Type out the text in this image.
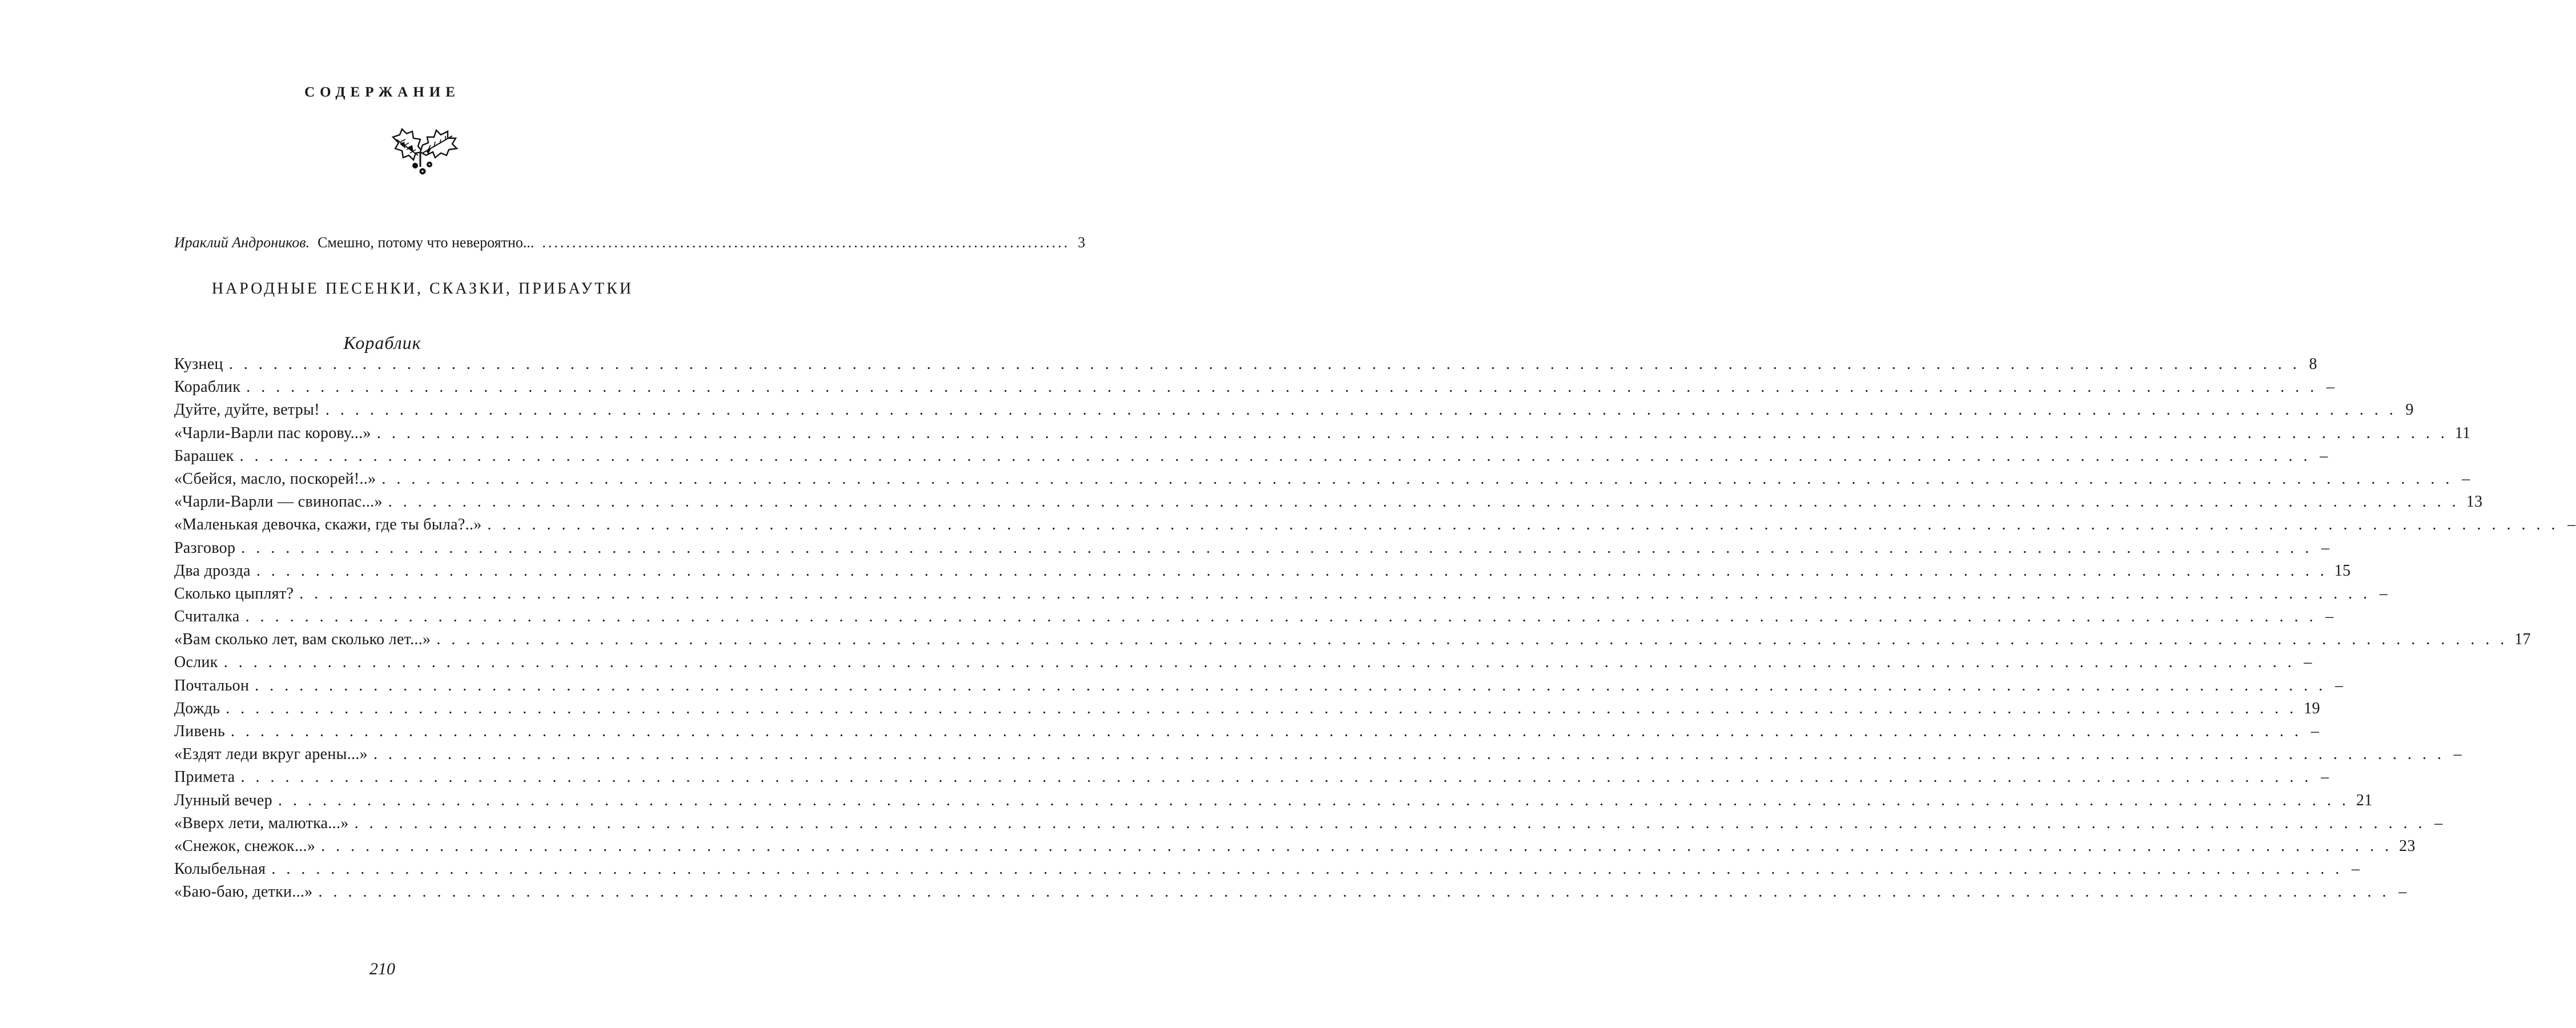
СОДЕРЖАНИЕ
Ираклий Андроников. Смешно, потому что невероятно... ........................................................................................ 3
НАРОДНЫЕ ПЕСЕНКИ, СКАЗКИ, ПРИБАУТКИ
Кораблик
Кузнец . . . . . . . . . . . . . . . . . . . . . . . . . . . . . . . . . . . . . . . . . . . . . . . . . . . . . . . . . . . . . . . . . . . . . . . . . . . . . . . . . . . . . . . . . . . . . . . . . . . . . . . . . . . . . . . . . . . . . . . . . . . . . . . . . . . . . . . . . . . . 8
Кораблик . . . . . . . . . . . . . . . . . . . . . . . . . . . . . . . . . . . . . . . . . . . . . . . . . . . . . . . . . . . . . . . . . . . . . . . . . . . . . . . . . . . . . . . . . . . . . . . . . . . . . . . . . . . . . . . . . . . . . . . . . . . . . . . . . . . . . . . . . . . . –
Дуйте, дуйте, ветры! . . . . . . . . . . . . . . . . . . . . . . . . . . . . . . . . . . . . . . . . . . . . . . . . . . . . . . . . . . . . . . . . . . . . . . . . . . . . . . . . . . . . . . . . . . . . . . . . . . . . . . . . . . . . . . . . . . . . . . . . . . . . . . . . . . . . . . . . . . . . 9
«Чарли-Варли пас корову...» . . . . . . . . . . . . . . . . . . . . . . . . . . . . . . . . . . . . . . . . . . . . . . . . . . . . . . . . . . . . . . . . . . . . . . . . . . . . . . . . . . . . . . . . . . . . . . . . . . . . . . . . . . . . . . . . . . . . . . . . . . . . . . . . . . . . . . . . . . . . 11
Барашек . . . . . . . . . . . . . . . . . . . . . . . . . . . . . . . . . . . . . . . . . . . . . . . . . . . . . . . . . . . . . . . . . . . . . . . . . . . . . . . . . . . . . . . . . . . . . . . . . . . . . . . . . . . . . . . . . . . . . . . . . . . . . . . . . . . . . . . . . . . . –
«Сбейся, масло, поскорей!..» . . . . . . . . . . . . . . . . . . . . . . . . . . . . . . . . . . . . . . . . . . . . . . . . . . . . . . . . . . . . . . . . . . . . . . . . . . . . . . . . . . . . . . . . . . . . . . . . . . . . . . . . . . . . . . . . . . . . . . . . . . . . . . . . . . . . . . . . . . . . –
«Чарли-Варли — свинопас...» . . . . . . . . . . . . . . . . . . . . . . . . . . . . . . . . . . . . . . . . . . . . . . . . . . . . . . . . . . . . . . . . . . . . . . . . . . . . . . . . . . . . . . . . . . . . . . . . . . . . . . . . . . . . . . . . . . . . . . . . . . . . . . . . . . . . . . . . . . . . 13
«Маленькая девочка, скажи, где ты была?..» . . . . . . . . . . . . . . . . . . . . . . . . . . . . . . . . . . . . . . . . . . . . . . . . . . . . . . . . . . . . . . . . . . . . . . . . . . . . . . . . . . . . . . . . . . . . . . . . . . . . . . . . . . . . . . . . . . . . . . . . . . . . . . . . . . . . . . . . . . . . –
Разговор . . . . . . . . . . . . . . . . . . . . . . . . . . . . . . . . . . . . . . . . . . . . . . . . . . . . . . . . . . . . . . . . . . . . . . . . . . . . . . . . . . . . . . . . . . . . . . . . . . . . . . . . . . . . . . . . . . . . . . . . . . . . . . . . . . . . . . . . . . . . –
Два дрозда . . . . . . . . . . . . . . . . . . . . . . . . . . . . . . . . . . . . . . . . . . . . . . . . . . . . . . . . . . . . . . . . . . . . . . . . . . . . . . . . . . . . . . . . . . . . . . . . . . . . . . . . . . . . . . . . . . . . . . . . . . . . . . . . . . . . . . . . . . . . 15
Сколько цыплят? . . . . . . . . . . . . . . . . . . . . . . . . . . . . . . . . . . . . . . . . . . . . . . . . . . . . . . . . . . . . . . . . . . . . . . . . . . . . . . . . . . . . . . . . . . . . . . . . . . . . . . . . . . . . . . . . . . . . . . . . . . . . . . . . . . . . . . . . . . . . –
Считалка . . . . . . . . . . . . . . . . . . . . . . . . . . . . . . . . . . . . . . . . . . . . . . . . . . . . . . . . . . . . . . . . . . . . . . . . . . . . . . . . . . . . . . . . . . . . . . . . . . . . . . . . . . . . . . . . . . . . . . . . . . . . . . . . . . . . . . . . . . . . –
«Вам сколько лет, вам сколько лет...» . . . . . . . . . . . . . . . . . . . . . . . . . . . . . . . . . . . . . . . . . . . . . . . . . . . . . . . . . . . . . . . . . . . . . . . . . . . . . . . . . . . . . . . . . . . . . . . . . . . . . . . . . . . . . . . . . . . . . . . . . . . . . . . . . . . . . . . . . . . . 17
Ослик . . . . . . . . . . . . . . . . . . . . . . . . . . . . . . . . . . . . . . . . . . . . . . . . . . . . . . . . . . . . . . . . . . . . . . . . . . . . . . . . . . . . . . . . . . . . . . . . . . . . . . . . . . . . . . . . . . . . . . . . . . . . . . . . . . . . . . . . . . . . –
Почтальон . . . . . . . . . . . . . . . . . . . . . . . . . . . . . . . . . . . . . . . . . . . . . . . . . . . . . . . . . . . . . . . . . . . . . . . . . . . . . . . . . . . . . . . . . . . . . . . . . . . . . . . . . . . . . . . . . . . . . . . . . . . . . . . . . . . . . . . . . . . . –
Дождь . . . . . . . . . . . . . . . . . . . . . . . . . . . . . . . . . . . . . . . . . . . . . . . . . . . . . . . . . . . . . . . . . . . . . . . . . . . . . . . . . . . . . . . . . . . . . . . . . . . . . . . . . . . . . . . . . . . . . . . . . . . . . . . . . . . . . . . . . . . . 19
Ливень . . . . . . . . . . . . . . . . . . . . . . . . . . . . . . . . . . . . . . . . . . . . . . . . . . . . . . . . . . . . . . . . . . . . . . . . . . . . . . . . . . . . . . . . . . . . . . . . . . . . . . . . . . . . . . . . . . . . . . . . . . . . . . . . . . . . . . . . . . . . –
«Ездят леди вкруг арены...» . . . . . . . . . . . . . . . . . . . . . . . . . . . . . . . . . . . . . . . . . . . . . . . . . . . . . . . . . . . . . . . . . . . . . . . . . . . . . . . . . . . . . . . . . . . . . . . . . . . . . . . . . . . . . . . . . . . . . . . . . . . . . . . . . . . . . . . . . . . . –
Примета . . . . . . . . . . . . . . . . . . . . . . . . . . . . . . . . . . . . . . . . . . . . . . . . . . . . . . . . . . . . . . . . . . . . . . . . . . . . . . . . . . . . . . . . . . . . . . . . . . . . . . . . . . . . . . . . . . . . . . . . . . . . . . . . . . . . . . . . . . . . –
Лунный вечер . . . . . . . . . . . . . . . . . . . . . . . . . . . . . . . . . . . . . . . . . . . . . . . . . . . . . . . . . . . . . . . . . . . . . . . . . . . . . . . . . . . . . . . . . . . . . . . . . . . . . . . . . . . . . . . . . . . . . . . . . . . . . . . . . . . . . . . . . . . . 21
«Вверх лети, малютка...» . . . . . . . . . . . . . . . . . . . . . . . . . . . . . . . . . . . . . . . . . . . . . . . . . . . . . . . . . . . . . . . . . . . . . . . . . . . . . . . . . . . . . . . . . . . . . . . . . . . . . . . . . . . . . . . . . . . . . . . . . . . . . . . . . . . . . . . . . . . . –
«Снежок, снежок...» . . . . . . . . . . . . . . . . . . . . . . . . . . . . . . . . . . . . . . . . . . . . . . . . . . . . . . . . . . . . . . . . . . . . . . . . . . . . . . . . . . . . . . . . . . . . . . . . . . . . . . . . . . . . . . . . . . . . . . . . . . . . . . . . . . . . . . . . . . . . 23
Колыбельная . . . . . . . . . . . . . . . . . . . . . . . . . . . . . . . . . . . . . . . . . . . . . . . . . . . . . . . . . . . . . . . . . . . . . . . . . . . . . . . . . . . . . . . . . . . . . . . . . . . . . . . . . . . . . . . . . . . . . . . . . . . . . . . . . . . . . . . . . . . . –
«Баю-баю, детки...» . . . . . . . . . . . . . . . . . . . . . . . . . . . . . . . . . . . . . . . . . . . . . . . . . . . . . . . . . . . . . . . . . . . . . . . . . . . . . . . . . . . . . . . . . . . . . . . . . . . . . . . . . . . . . . . . . . . . . . . . . . . . . . . . . . . . . . . . . . . . –
210
